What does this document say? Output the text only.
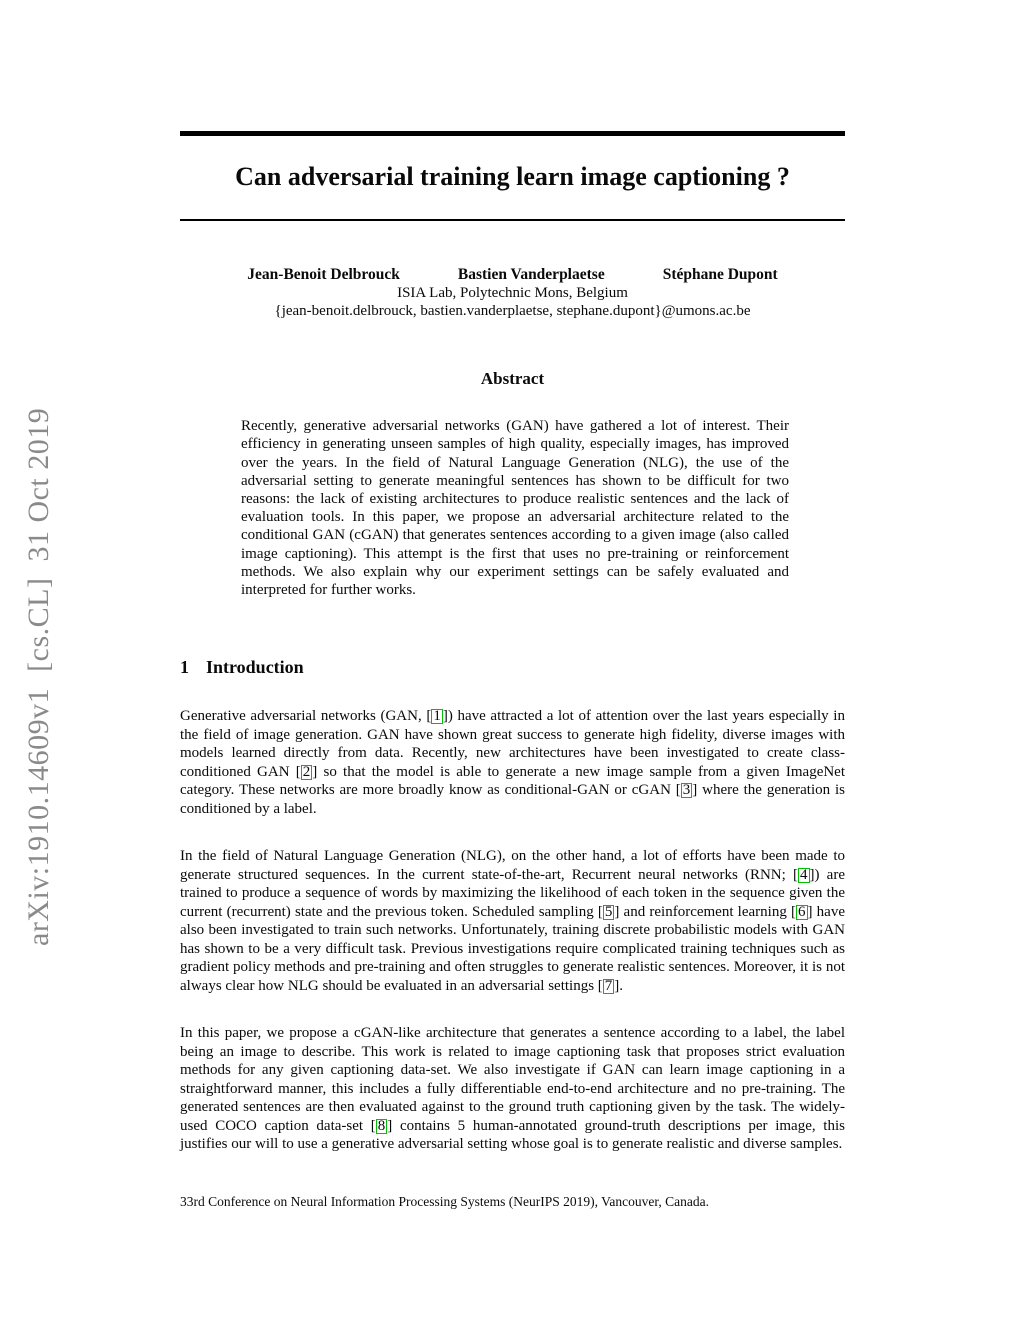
arXiv:1910.14609v1  [cs.CL]  31 Oct 2019
Can adversarial training learn image captioning ?
Jean-Benoit Delbrouck	Bastien Vanderplaetse	Stéphane Dupont
ISIA Lab, Polytechnic Mons, Belgium
{jean-benoit.delbrouck, bastien.vanderplaetse, stephane.dupont}@umons.ac.be
Abstract

Recently, generative adversarial networks (GAN) have gathered a lot of interest. Their efficiency in generating unseen samples of high quality, especially images, has improved over the years. In the field of Natural Language Generation (NLG), the use of the adversarial setting to generate meaningful sentences has shown to be difficult for two reasons: the lack of existing architectures to produce realistic sentences and the lack of evaluation tools. In this paper, we propose an adversarial architecture related to the conditional GAN (cGAN) that generates sentences according to a given image (also called image captioning). This attempt is the first that uses no pre-training or reinforcement methods. We also explain why our experiment settings can be safely evaluated and interpreted for further works.

1 Introduction

Generative adversarial networks (GAN, [ 1 ]) have attracted a lot of attention over the last years especially in the field of image generation. GAN have shown great success to generate high fidelity, diverse images with models learned directly from data. Recently, new architectures have been investigated to create class-conditioned GAN [ 2 ] so that the model is able to generate a new image sample from a given ImageNet category. These networks are more broadly know as conditional-GAN or cGAN [ 3 ] where the generation is conditioned by a label.

In the field of Natural Language Generation (NLG), on the other hand, a lot of efforts have been made to generate structured sequences. In the current state-of-the-art, Recurrent neural networks (RNN; [ 4 ]) are trained to produce a sequence of words by maximizing the likelihood of each token in the sequence given the current (recurrent) state and the previous token. Scheduled sampling [ 5 ] and reinforcement learning [ 6 ] have also been investigated to train such networks. Unfortunately, training discrete probabilistic models with GAN has shown to be a very difficult task. Previous investigations require complicated training techniques such as gradient policy methods and pre-training and often struggles to generate realistic sentences. Moreover, it is not always clear how NLG should be evaluated in an adversarial settings [ 7 ].

In this paper, we propose a cGAN-like architecture that generates a sentence according to a label, the label being an image to describe. This work is related to image captioning task that proposes strict evaluation methods for any given captioning data-set. We also investigate if GAN can learn image captioning in a straightforward manner, this includes a fully differentiable end-to-end architecture and no pre-training. The generated sentences are then evaluated against to the ground truth captioning given by the task. The widely-used COCO caption data-set [ 8 ] contains 5 human-annotated ground-truth descriptions per image, this justifies our will to use a generative adversarial setting whose goal is to generate realistic and diverse samples.

33rd Conference on Neural Information Processing Systems (NeurIPS 2019), Vancouver, Canada.
